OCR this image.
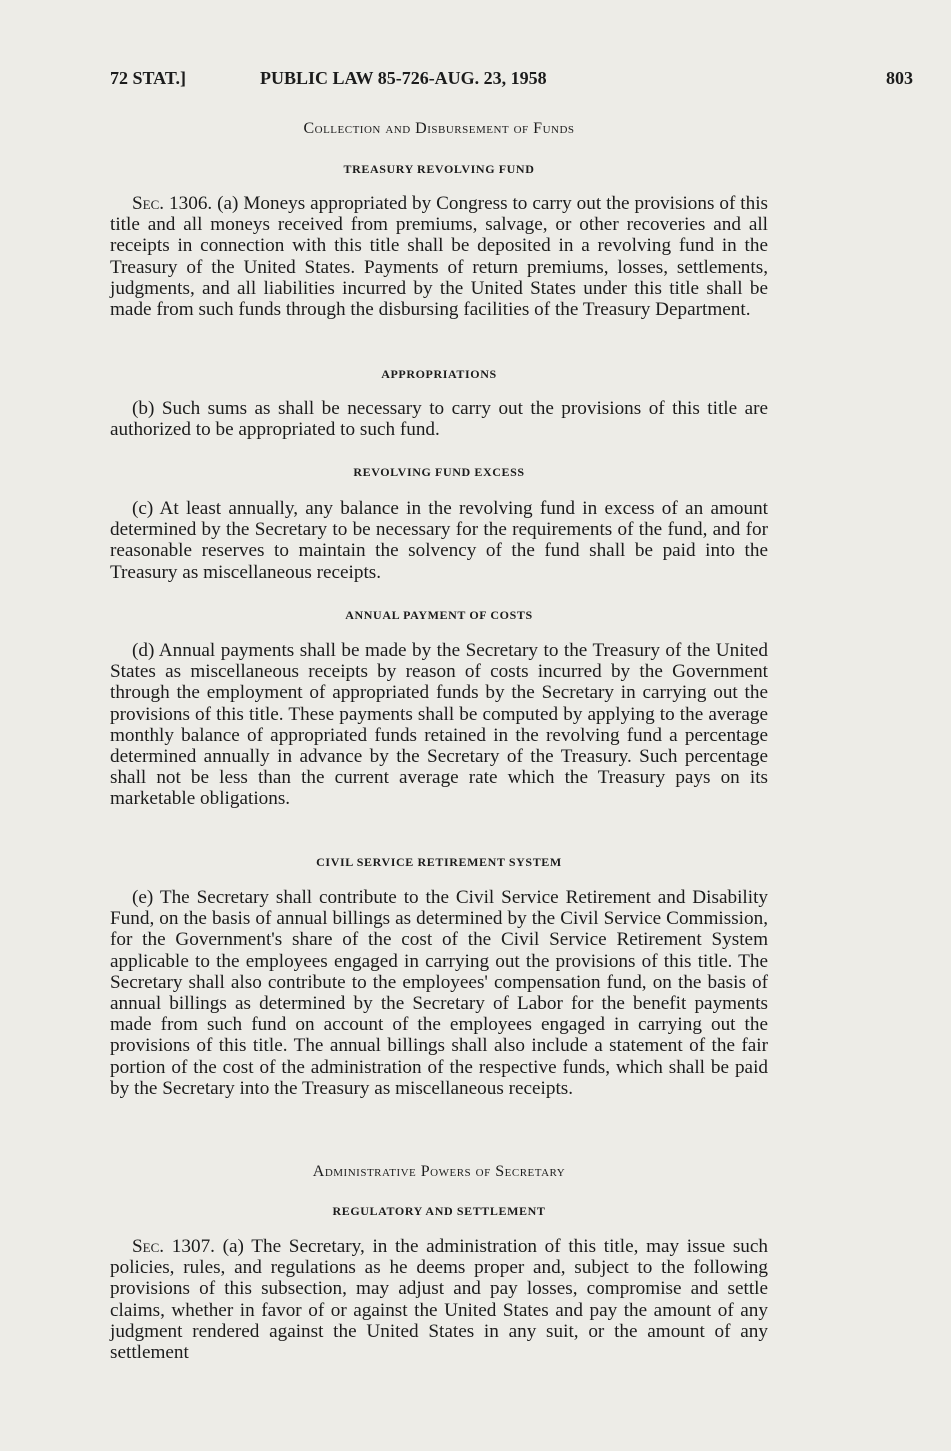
72 STAT.]	PUBLIC LAW 85-726-AUG. 23, 1958	803
Collection and Disbursement of Funds
TREASURY REVOLVING FUND

Sec. 1306. (a) Moneys appropriated by Congress to carry out the provisions of this title and all moneys received from premiums, salvage, or other recoveries and all receipts in connection with this title shall be deposited in a revolving fund in the Treasury of the United States. Payments of return premiums, losses, settlements, judgments, and all liabilities incurred by the United States under this title shall be made from such funds through the disbursing facilities of the Treasury Department.

APPROPRIATIONS

(b) Such sums as shall be necessary to carry out the provisions of this title are authorized to be appropriated to such fund.

REVOLVING FUND EXCESS

(c) At least annually, any balance in the revolving fund in excess of an amount determined by the Secretary to be necessary for the requirements of the fund, and for reasonable reserves to maintain the solvency of the fund shall be paid into the Treasury as miscellaneous receipts.

ANNUAL PAYMENT OF COSTS

(d) Annual payments shall be made by the Secretary to the Treasury of the United States as miscellaneous receipts by reason of costs incurred by the Government through the employment of appropriated funds by the Secretary in carrying out the provisions of this title. These payments shall be computed by applying to the average monthly balance of appropriated funds retained in the revolving fund a percentage determined annually in advance by the Secretary of the Treasury. Such percentage shall not be less than the current average rate which the Treasury pays on its marketable obligations.

CIVIL SERVICE RETIREMENT SYSTEM

(e) The Secretary shall contribute to the Civil Service Retirement and Disability Fund, on the basis of annual billings as determined by the Civil Service Commission, for the Government's share of the cost of the Civil Service Retirement System applicable to the employees engaged in carrying out the provisions of this title. The Secretary shall also contribute to the employees' compensation fund, on the basis of annual billings as determined by the Secretary of Labor for the benefit payments made from such fund on account of the employees engaged in carrying out the provisions of this title. The annual billings shall also include a statement of the fair portion of the cost of the administration of the respective funds, which shall be paid by the Secretary into the Treasury as miscellaneous receipts.

Administrative Powers of Secretary
REGULATORY AND SETTLEMENT

Sec. 1307. (a) The Secretary, in the administration of this title, may issue such policies, rules, and regulations as he deems proper and, subject to the following provisions of this subsection, may adjust and pay losses, compromise and settle claims, whether in favor of or against the United States and pay the amount of any judgment rendered against the United States in any suit, or the amount of any settlement
